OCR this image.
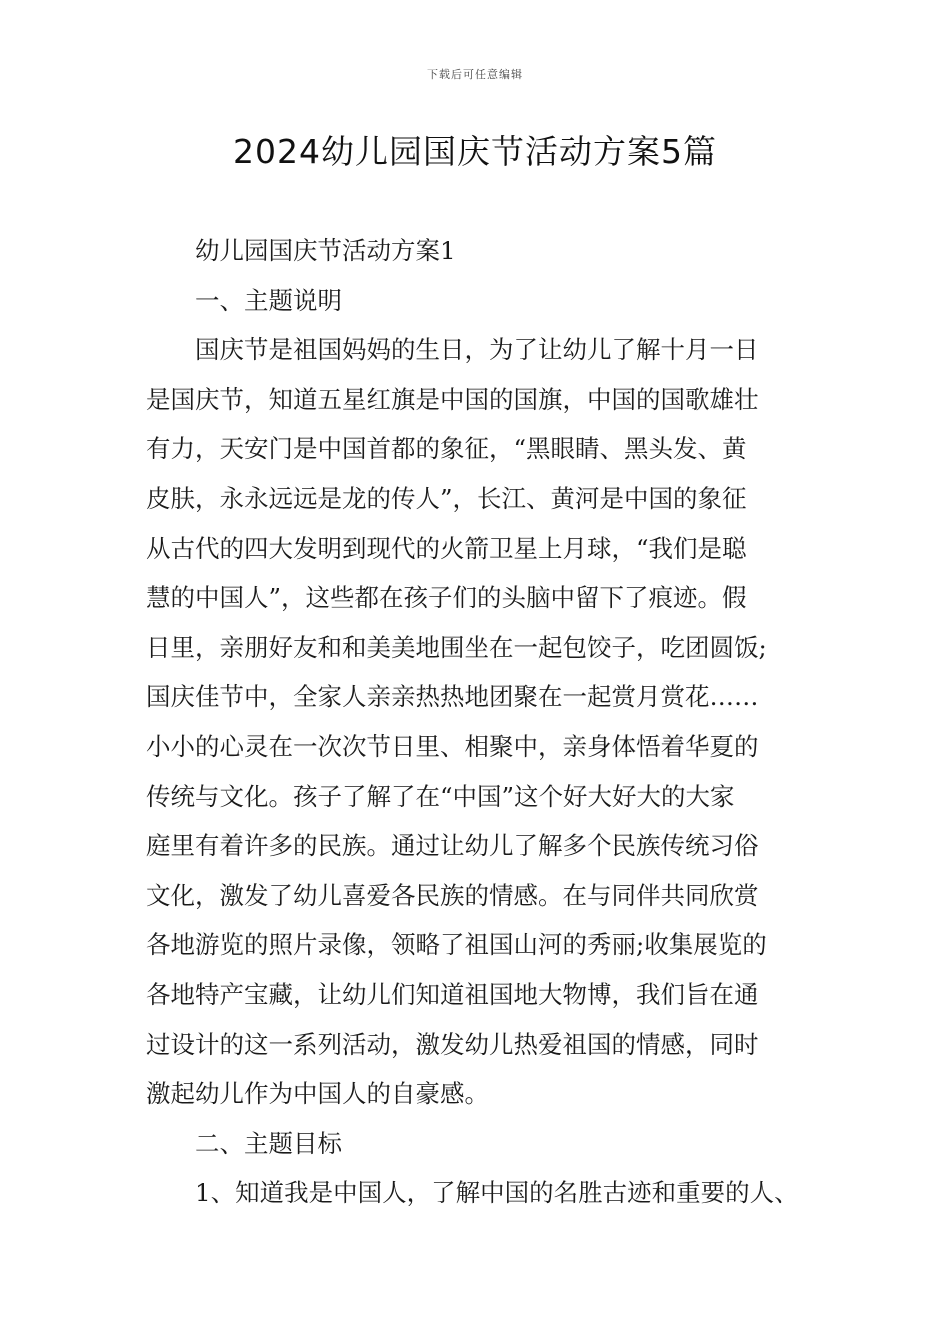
下载后可任意编辑
2024幼儿园国庆节活动方案5篇
幼儿园国庆节活动方案1
一、主题说明
国庆节是祖国妈妈的生日，为了让幼儿了解十月一日
是国庆节，知道五星红旗是中国的国旗，中国的国歌雄壮
有力，天安门是中国首都的象征，“黑眼睛、黑头发、黄
皮肤，永永远远是龙的传人”，长江、黄河是中国的象征
从古代的四大发明到现代的火箭卫星上月球，“我们是聪
慧的中国人”，这些都在孩子们的头脑中留下了痕迹。假
日里，亲朋好友和和美美地围坐在一起包饺子，吃团圆饭;
国庆佳节中，全家人亲亲热热地团聚在一起赏月赏花……
小小的心灵在一次次节日里、相聚中，亲身体悟着华夏的
传统与文化。孩子了解了在“中国”这个好大好大的大家
庭里有着许多的民族。通过让幼儿了解多个民族传统习俗
文化，激发了幼儿喜爱各民族的情感。在与同伴共同欣赏
各地游览的照片录像，领略了祖国山河的秀丽;收集展览的
各地特产宝藏，让幼儿们知道祖国地大物博，我们旨在通
过设计的这一系列活动，激发幼儿热爱祖国的情感，同时
激起幼儿作为中国人的自豪感。
二、主题目标
1、知道我是中国人，了解中国的名胜古迹和重要的人、
